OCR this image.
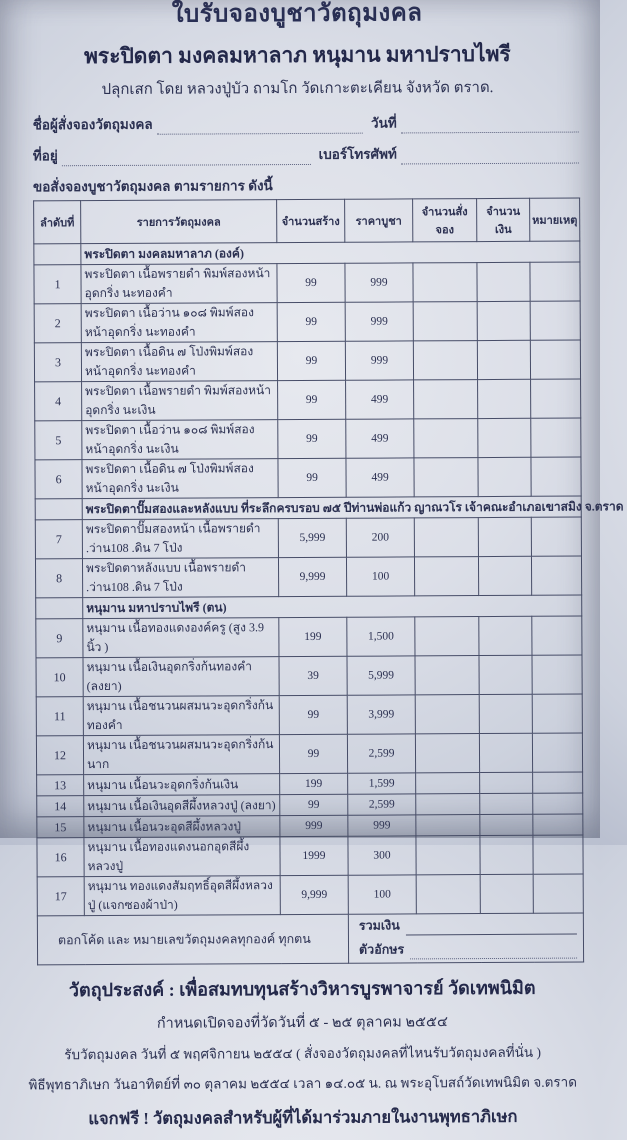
ใบรับจองบูชาวัตถุมงคล
พระปิดตา มงคลมหาลาภ หนุมาน มหาปราบไพรี
ปลุกเสก โดย หลวงปู่บัว ถามโก วัดเกาะตะเคียน จังหวัด ตราด.
ชื่อผู้สั่งจองวัตถุมงคล	วันที่
ที่อยู่	เบอร์โทรศัพท์
ขอสั่งจองบูชาวัตถุมงคล ตามรายการ ดังนี้
ลำดับที่	รายการวัตถุมงคล	จำนวนสร้าง	ราคาบูชา	จำนวนสั่งจอง	จำนวนเงิน	หมายเหตุ
	พระปิดตา มงคลมหาลาภ (องค์)					
1	พระปิดตา เนื้อพรายดำ พิมพ์สองหน้าอุดกริ่ง นะทองคำ	99	999			
2	พระปิดตา เนื้อว่าน ๑๐๘ พิมพ์สองหน้าอุดกริ่ง นะทองคำ	99	999			
3	พระปิดตา เนื้อดิน ๗ โป่งพิมพ์สองหน้าอุดกริ่ง นะทองคำ	99	999			
4	พระปิดตา เนื้อพรายดำ พิมพ์สองหน้าอุดกริ่ง นะเงิน	99	499			
5	พระปิดตา เนื้อว่าน ๑๐๘ พิมพ์สองหน้าอุดกริ่ง นะเงิน	99	499			
6	พระปิดตา เนื้อดิน ๗ โป่งพิมพ์สองหน้าอุดกริ่ง นะเงิน	99	499			
	พระปิดตาปั๊มสองและหลังแบบ ที่ระลึกครบรอบ ๗๕ ปีท่านพ่อแก้ว ญาณวโร เจ้าคณะอำเภอเขาสมิง จ.ตราด					
7	พระปิดตาปั๊มสองหน้า เนื้อพรายดำ .ว่าน108 .ดิน 7 โป่ง	5,999	200			
8	พระปิดตาหลังแบบ เนื้อพรายดำ .ว่าน108 .ดิน 7 โป่ง	9,999	100			
	หนุมาน มหาปราบไพรี (ตน)					
9	หนุมาน เนื้อทองแดงองค์ครู (สูง 3.9 นิ้ว )	199	1,500			
10	หนุมาน เนื้อเงินอุดกริ่งก้นทองคำ (ลงยา)	39	5,999			
11	หนุมาน เนื้อชนวนผสมนวะอุดกริ่งก้นทองคำ	99	3,999			
12	หนุมาน เนื้อชนวนผสมนวะอุดกริ่งก้นนาก	99	2,599			
13	หนุมาน เนื้อนวะอุดกริ่งก้นเงิน	199	1,599			
14	หนุมาน เนื้อเงินอุดสีผึ้งหลวงปู่ (ลงยา)	99	2,599			
15	หนุมาน เนื้อนวะอุดสีผึ้งหลวงปู่	999	999			
16	หนุมาน เนื้อทองแดงนอกอุดสีผึ้งหลวงปู่	1999	300			
17	หนุมาน ทองแดงสัมฤทธิ์อุดสีผึ้งหลวงปู่ (แจกซองผ้าป่า)	9,999	100			
ตอกโค้ด และ หมายเลขวัตถุมงคลทุกองค์ ทุกตน			รวมเงิน
ตัวอักษร			
วัตถุประสงค์ : เพื่อสมทบทุนสร้างวิหารบูรพาจารย์ วัดเทพนิมิต
กำหนดเปิดจองที่วัดวันที่ ๕ - ๒๕ ตุลาคม ๒๕๕๔
รับวัตถุมงคล วันที่ ๕ พฤศจิกายน ๒๕๕๔ ( สั่งจองวัตถุมงคลที่ไหนรับวัตถุมงคลที่นั่น )
พิธีพุทธาภิเษก วันอาทิตย์ที่ ๓๐ ตุลาคม ๒๕๕๔ เวลา ๑๔.๐๕ น. ณ พระอุโบสถ์วัดเทพนิมิต จ.ตราด
แจกฟรี ! วัตถุมงคลสำหรับผู้ที่ได้มาร่วมภายในงานพุทธาภิเษก
